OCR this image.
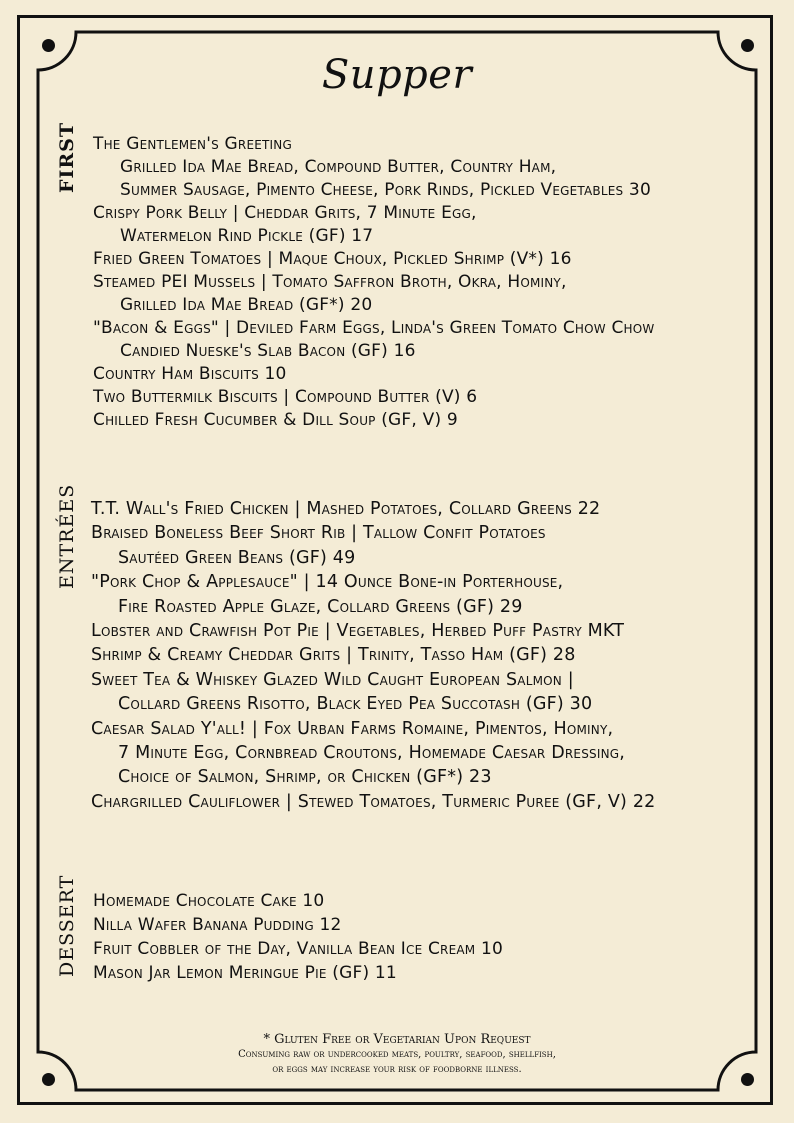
Supper
FIRST The Gentlemen's Greeting
Grilled Ida Mae Bread, Compound Butter, Country Ham,
Summer Sausage, Pimento Cheese, Pork Rinds, Pickled Vegetables 30
Crispy Pork Belly | Cheddar Grits, 7 Minute Egg,
Watermelon Rind Pickle (GF) 17
Fried Green Tomatoes | Maque Choux, Pickled Shrimp (V*) 16
Steamed PEI Mussels | Tomato Saffron Broth, Okra, Hominy,
Grilled Ida Mae Bread (GF*) 20
"Bacon & Eggs" | Deviled Farm Eggs, Linda's Green Tomato Chow Chow
Candied Nueske's Slab Bacon (GF) 16
Country Ham Biscuits 10
Two Buttermilk Biscuits | Compound Butter (V) 6
Chilled Fresh Cucumber & Dill Soup (GF, V) 9
ENTRÉES T.T. Wall's Fried Chicken | Mashed Potatoes, Collard Greens 22
Braised Boneless Beef Short Rib | Tallow Confit Potatoes
Sautéed Green Beans (GF) 49
"Pork Chop & Applesauce" | 14 Ounce Bone-in Porterhouse,
Fire Roasted Apple Glaze, Collard Greens (GF) 29
Lobster and Crawfish Pot Pie | Vegetables, Herbed Puff Pastry MKT
Shrimp & Creamy Cheddar Grits | Trinity, Tasso Ham (GF) 28
Sweet Tea & Whiskey Glazed Wild Caught European Salmon |
Collard Greens Risotto, Black Eyed Pea Succotash (GF) 30
Caesar Salad Y'all! | Fox Urban Farms Romaine, Pimentos, Hominy,
7 Minute Egg, Cornbread Croutons, Homemade Caesar Dressing,
Choice of Salmon, Shrimp, or Chicken (GF*) 23
Chargrilled Cauliflower | Stewed Tomatoes, Turmeric Puree (GF, V) 22
DESSERT Homemade Chocolate Cake 10
Nilla Wafer Banana Pudding 12
Fruit Cobbler of the Day, Vanilla Bean Ice Cream 10
Mason Jar Lemon Meringue Pie (GF) 11
* Gluten Free or Vegetarian Upon Request
Consuming raw or undercooked meats, poultry, seafood, shellfish,
or eggs may increase your risk of foodborne illness.
